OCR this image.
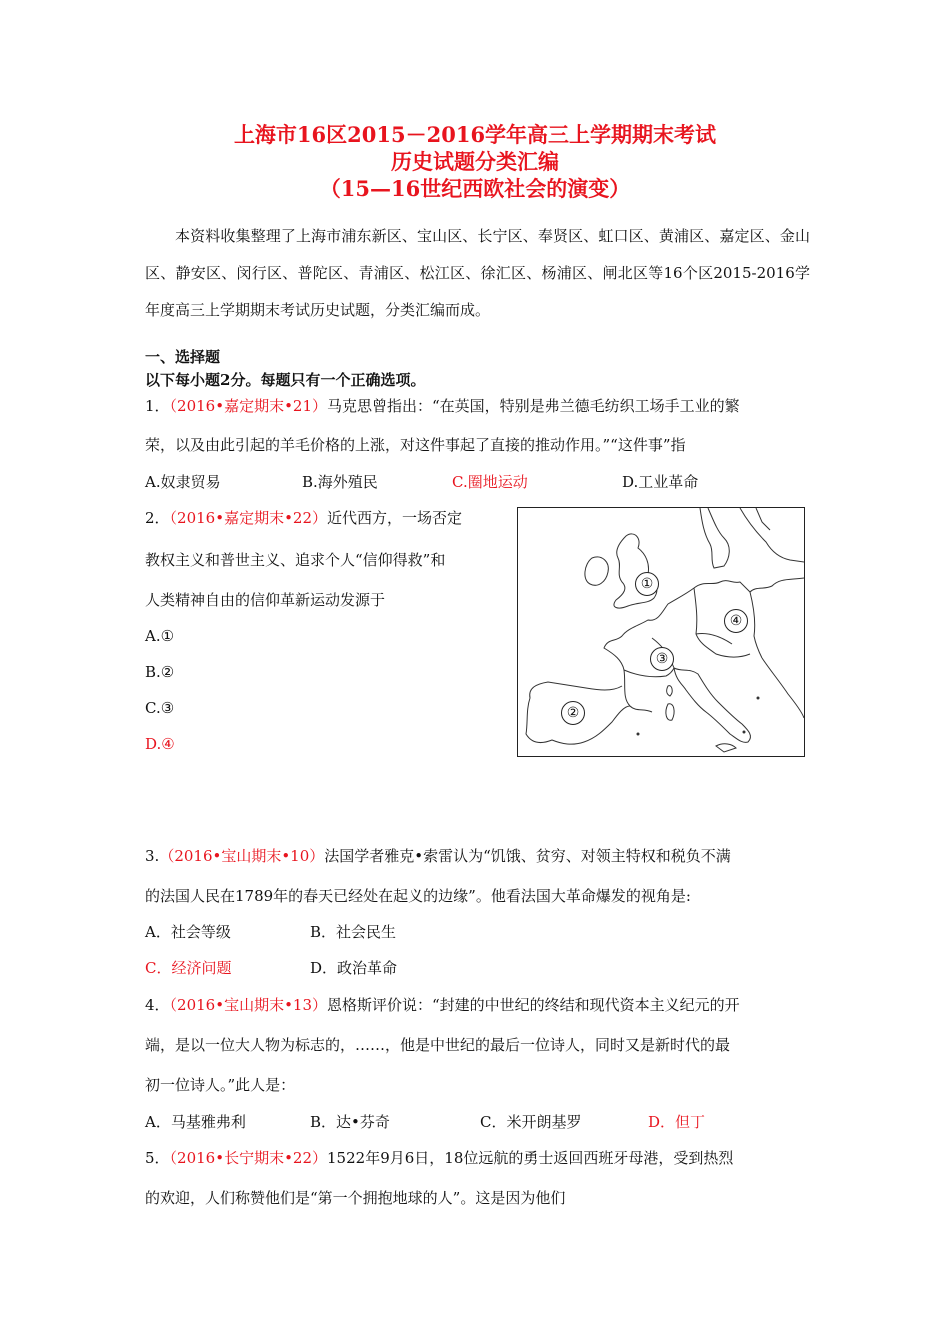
上海市16区2015－2016学年高三上学期期末考试
历史试题分类汇编
（15—16世纪西欧社会的演变）

本资料收集整理了上海市浦东新区、宝山区、长宁区、奉贤区、虹口区、黄浦区、嘉定区、金山区、静安区、闵行区、普陀区、青浦区、松江区、徐汇区、杨浦区、闸北区等16个区2015-2016学年度高三上学期期末考试历史试题，分类汇编而成。

一、选择题
以下每小题2分。每题只有一个正确选项。
1．（2016•嘉定期末•21）马克思曾指出：“在英国，特别是弗兰德毛纺织工场手工业的繁
荣，以及由此引起的羊毛价格的上涨，对这件事起了直接的推动作用。”“这件事”指
A.奴隶贸易	B.海外殖民	C.圈地运动	D.工业革命
2．（2016•嘉定期末•22）近代西方，一场否定
教权主义和普世主义、追求个人“信仰得救”和
人类精神自由的信仰革新运动发源于
A.①
B.②
C.③
D.④
①
②
③
④
3.（2016•宝山期末•10）法国学者雅克•索雷认为“饥饿、贫穷、对领主特权和税负不满
的法国人民在1789年的春天已经处在起义的边缘”。他看法国大革命爆发的视角是:
A．社会等级	B．社会民生
C．经济问题	D．政治革命
4．（2016•宝山期末•13）恩格斯评价说：“封建的中世纪的终结和现代资本主义纪元的开
端，是以一位大人物为标志的，……，他是中世纪的最后一位诗人，同时又是新时代的最
初一位诗人。”此人是：
A．马基雅弗利	B．达•芬奇	C．米开朗基罗	D．但丁
5．（2016•长宁期末•22）1522年9月6日，18位远航的勇士返回西班牙母港，受到热烈
的欢迎，人们称赞他们是“第一个拥抱地球的人”。这是因为他们
